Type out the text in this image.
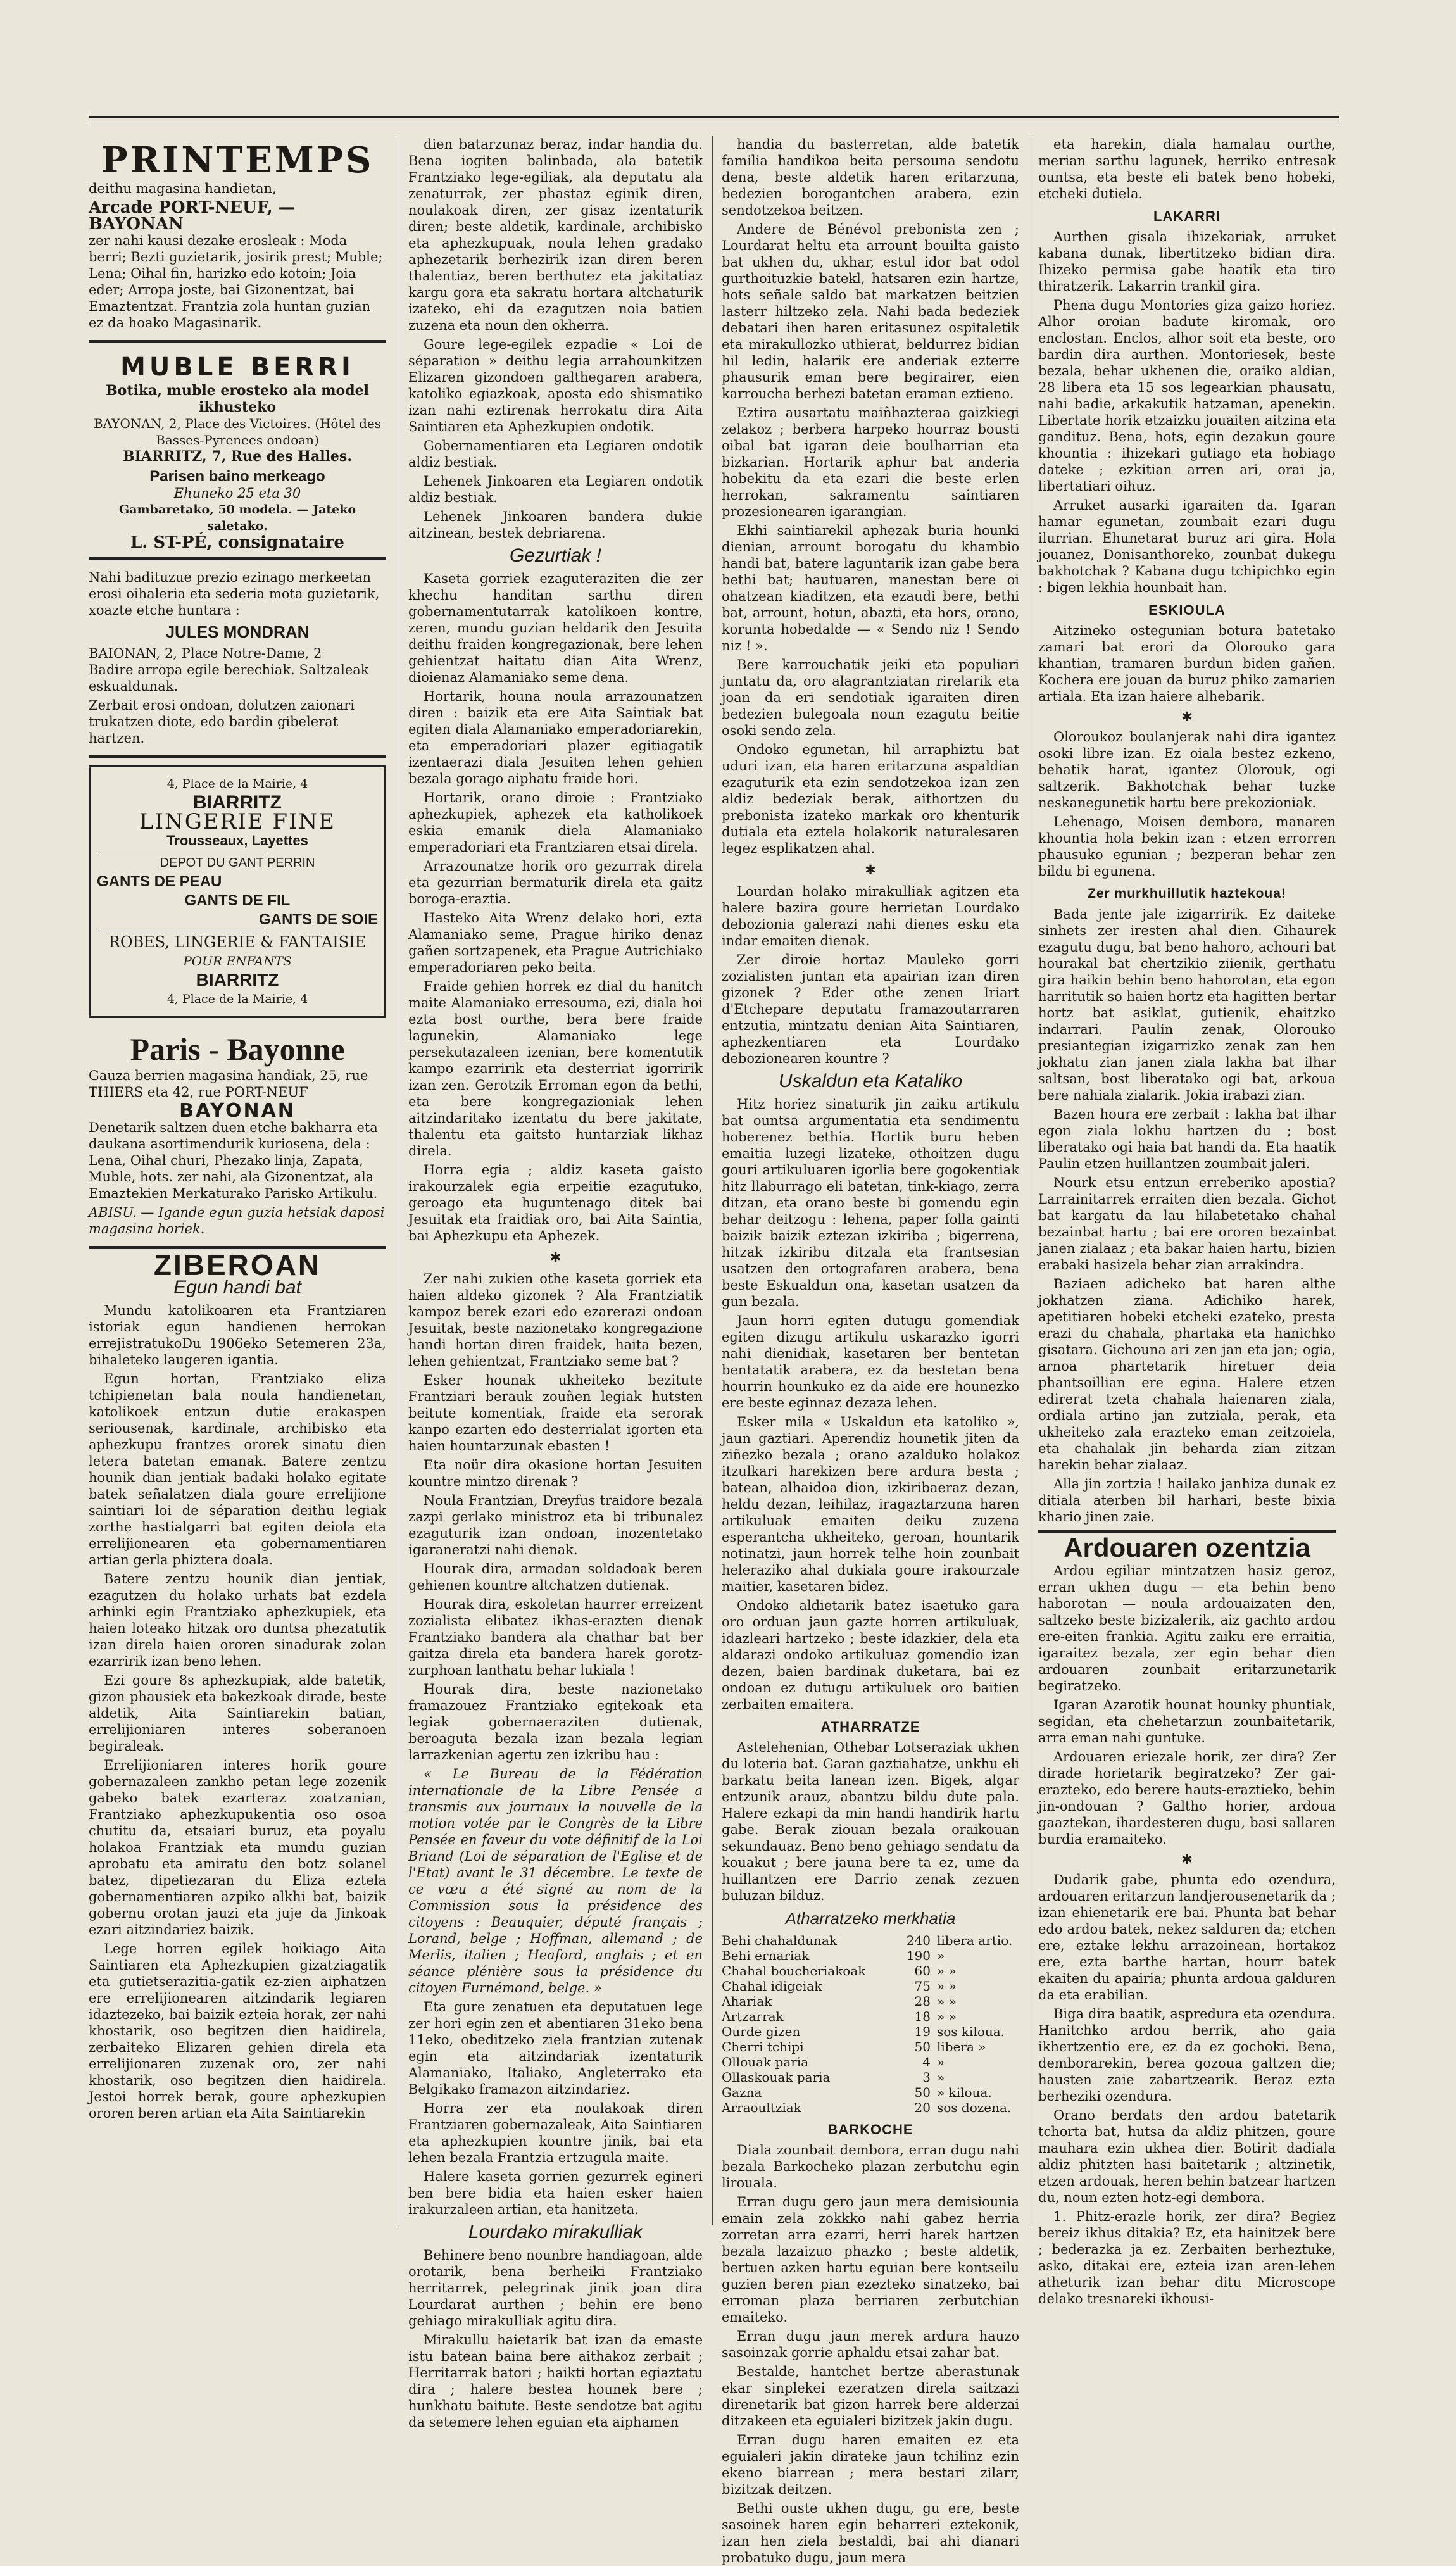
PRINTEMPS

deithu magasina handietan,

Arcade PORT-NEUF, — BAYONAN

zer nahi kausi dezake erosleak : Moda berri; Bezti guzietarik, josirik prest; Muble; Lena; Oihal fin, harizko edo kotoin; Joia eder; Arropa joste, bai Gizonentzat, bai Emaztentzat. Frantzia zola huntan guzian ez da hoako Magasinarik.

MUBLE BERRI
Botika, muble erosteko ala model ikhusteko
BAYONAN, 2, Place des Victoires. (Hôtel des Basses-Pyrenees ondoan)
BIARRITZ, 7, Rue des Halles.
Parisen baino merkeago
Ehuneko 25 eta 30
Gambaretako, 50 modela. — Jateko saletako.
L. ST-PÉ, consignataire

Nahi badituzue prezio ezinago merkeetan erosi oihaleria eta sederia mota guzietarik, xoazte etche huntara :

JULES MONDRAN
BAIONAN, 2, Place Notre-Dame, 2

Badire arropa egile berechiak. Saltzaleak eskualdunak.

Zerbait erosi ondoan, dolutzen zaionari trukatzen diote, edo bardin gibelerat hartzen.

4, Place de la Mairie, 4
BIARRITZ
LINGERIE FINE
Trousseaux, Layettes
DEPOT DU GANT PERRIN
GANTS DE PEAU
GANTS DE FIL
GANTS DE SOIE
ROBES, LINGERIE & FANTAISIE
POUR ENFANTS
BIARRITZ
4, Place de la Mairie, 4
Paris - Bayonne

Gauza berrien magasina handiak, 25, rue THIERS eta 42, rue PORT-NEUF

BAYONAN

Denetarik saltzen duen etche bakharra eta daukana asortimendurik kuriosena, dela : Lena, Oihal churi, Phezako linja, Zapata, Muble, hots. zer nahi, ala Gizonentzat, ala Emaztekien Merkaturako Parisko Artikulu.

ABISU. — Igande egun guzia hetsiak daposi magasina horiek.

ZIBEROAN
Egun handi bat

Mundu katolikoaren eta Frantziaren istoriak egun handienen herrokan errejistratukoDu 1906eko Setemeren 23a, bihaleteko laugeren igantia.

Egun hortan, Frantziako eliza tchipienetan bala noula handienetan, katolikoek entzun dutie erakaspen seriousenak, kardinale, archibisko eta aphezkupu frantzes ororek sinatu dien letera batetan emanak. Batere zentzu hounik dian jentiak badaki holako egitate batek señalatzen diala goure errelijione saintiari loi de séparation deithu legiak zorthe hastialgarri bat egiten deiola eta errelijionearen eta gobernamentiaren artian gerla phiztera doala.

Batere zentzu hounik dian jentiak, ezagutzen du holako urhats bat ezdela arhinki egin Frantziako aphezkupiek, eta haien loteako hitzak oro duntsa phezatutik izan direla haien ororen sinadurak zolan ezarririk izan beno lehen.

Ezi goure 8s aphezkupiak, alde batetik, gizon phausiek eta bakezkoak dirade, beste aldetik, Aita Saintiarekin batian, errelijioniaren interes soberanoen begiraleak.

Errelijioniaren interes horik goure gobernazaleen zankho petan lege zozenik gabeko batek ezarteraz zoatzanian, Frantziako aphezkupukentia oso osoa chutitu da, etsaiari buruz, eta poyalu holakoa Frantziak eta mundu guzian aprobatu eta amiratu den botz solanel batez, dipetiezaran du Eliza eztela gobernamentiaren azpiko alkhi bat, baizik gobernu orotan jauzi eta juje da Jinkoak ezari aitzindariez baizik.

Lege horren egilek hoikiago Aita Saintiaren eta Aphezkupien gizatziagatik eta gutietserazitia-gatik ez-zien aiphatzen ere errelijionearen aitzindarik legiaren idaztezeko, bai baizik ezteia horak, zer nahi khostarik, oso begitzen dien haidirela, zerbaiteko Elizaren gehien direla eta errelijionaren zuzenak oro, zer nahi khostarik, oso begitzen dien haidirela. Jestoi horrek berak, goure aphezkupien ororen beren artian eta Aita Saintiarekin

dien batarzunaz beraz, indar handia du. Bena iogiten balinbada, ala batetik Frantziako lege-egiliak, ala deputatu ala zenaturrak, zer phastaz eginik diren, noulakoak diren, zer gisaz izentaturik diren; beste aldetik, kardinale, archibisko eta aphezkupuak, noula lehen gradako aphezetarik berhezirik izan diren beren thalentiaz, beren berthutez eta jakitatiaz kargu gora eta sakratu hortara altchaturik izateko, ehi da ezagutzen noia batien zuzena eta noun den okherra.

Goure lege-egilek ezpadie « Loi de séparation » deithu legia arrahounkitzen Elizaren gizondoen galthegaren arabera, katoliko egiazkoak, aposta edo shismatiko izan nahi eztirenak herrokatu dira Aita Saintiaren eta Aphezkupien ondotik.

Gobernamentiaren eta Legiaren ondotik aldiz bestiak.

Lehenek Jinkoaren eta Legiaren ondotik aldiz bestiak.

Lehenek Jinkoaren bandera dukie aitzinean, bestek debriarena.

Gezurtiak !

Kaseta gorriek ezaguteraziten die zer khechu handitan sarthu diren gobernamentutarrak katolikoen kontre, zeren, mundu guzian heldarik den Jesuita deithu fraiden kongregazionak, bere lehen gehientzat haitatu dian Aita Wrenz, dioienaz Alamaniako seme dena.

Hortarik, houna noula arrazounatzen diren : baizik eta ere Aita Saintiak bat egiten diala Alamaniako emperadoriarekin, eta emperadoriari plazer egitiagatik izentaerazi diala Jesuiten lehen gehien bezala gorago aiphatu fraide hori.

Hortarik, orano diroie : Frantziako aphezkupiek, aphezek eta katholikoek eskia emanik diela Alamaniako emperadoriari eta Frantziaren etsai direla.

Arrazounatze horik oro gezurrak direla eta gezurrian bermaturik direla eta gaitz boroga-eraztia.

Hasteko Aita Wrenz delako hori, ezta Alamaniako seme, Prague hiriko denaz gañen sortzapenek, eta Prague Autrichiako emperadoriaren peko beita.

Fraide gehien horrek ez dial du hanitch maite Alamaniako erresouma, ezi, diala hoi ezta bost ourthe, bera bere fraide lagunekin, Alamaniako lege persekutazaleen izenian, bere komentutik kampo ezarririk eta desterriat igorririk izan zen. Gerotzik Erroman egon da bethi, eta bere kongregazioniak lehen aitzindaritako izentatu du bere jakitate, thalentu eta gaitsto huntarziak likhaz direla.

Horra egia ; aldiz kaseta gaisto irakourzalek egia erpeitie ezagutuko, geroago eta huguntenago ditek bai Jesuitak eta fraidiak oro, bai Aita Saintia, bai Aphezkupu eta Aphezek.

✱

Zer nahi zukien othe kaseta gorriek eta haien aldeko gizonek ? Ala Frantziatik kampoz berek ezari edo ezarerazi ondoan Jesuitak, beste nazionetako kongregazione handi hortan diren fraidek, haita bezen, lehen gehientzat, Frantziako seme bat ?

Esker hounak ukheiteko bezitute Frantziari berauk zouñen legiak hutsten beitute komentiak, fraide eta serorak kanpo ezarten edo desterrialat igorten eta haien hountarzunak ebasten !

Eta noür dira okasione hortan Jesuiten kountre mintzo direnak ?

Noula Frantzian, Dreyfus traidore bezala zazpi gerlako ministroz eta bi tribunalez ezaguturik izan ondoan, inozentetako igaraneratzi nahi dienak.

Hourak dira, armadan soldadoak beren gehienen kountre altchatzen dutienak.

Hourak dira, eskoletan haurrer erreizent zozialista elibatez ikhas-erazten dienak Frantziako bandera ala chathar bat ber gaitza direla eta bandera harek gorotz-zurphoan lanthatu behar lukiala !

Hourak dira, beste nazionetako framazouez Frantziako egitekoak eta legiak gobernaeraziten dutienak, beroaguta bezala izan bezala legian larrazkenian agertu zen izkribu hau :

« Le Bureau de la Fédération internationale de la Libre Pensée a transmis aux journaux la nouvelle de la motion votée par le Congrès de la Libre Pensée en faveur du vote définitif de la Loi Briand (Loi de séparation de l'Eglise et de l'Etat) avant le 31 décembre. Le texte de ce vœu a été signé au nom de la Commission sous la présidence des citoyens : Beauquier, député français ; Lorand, belge ; Hoffman, allemand ; de Merlis, italien ; Heaford, anglais ; et en séance plénière sous la présidence du citoyen Furnémond, belge. »

Eta gure zenatuen eta deputatuen lege zer hori egin zen et abentiaren 31eko bena 11eko, obeditzeko ziela frantzian zutenak egin eta aitzindariak izentaturik Alamaniako, Italiako, Angleterrako eta Belgikako framazon aitzindariez.

Horra zer eta noulakoak diren Frantziaren gobernazaleak, Aita Saintiaren eta aphezkupien kountre jinik, bai eta lehen bezala Frantzia ertzugula maite.

Halere kaseta gorrien gezurrek egineri ben bere bidia eta haien esker haien irakurzaleen artian, eta hanitzeta.

Lourdako mirakulliak

Behinere beno nounbre handiagoan, alde orotarik, bena berheiki Frantziako herritarrek, pelegrinak jinik joan dira Lourdarat aurthen ; behin ere beno gehiago mirakulliak agitu dira.

Mirakullu haietarik bat izan da emaste istu batean baina bere aithakoz zerbait ; Herritarrak batori ; haikti hortan egiaztatu dira ; halere bestea hounek bere ; hunkhatu baitute. Beste sendotze bat agitu da setemere lehen eguian eta aiphamen

handia du basterretan, alde batetik familia handikoa beita persouna sendotu dena, beste aldetik haren eritarzuna, bedezien borogantchen arabera, ezin sendotzekoa beitzen.

Andere de Bénévol prebonista zen ; Lourdarat heltu eta arrount bouilta gaisto bat ukhen du, ukhar, estul idor bat odol gurthoituzkie batekl, hatsaren ezin hartze, hots señale saldo bat markatzen beitzien lasterr hiltzeko zela. Nahi bada bedeziek debatari ihen haren eritasunez ospitaletik eta mirakullozko uthierat, beldurrez bidian hil ledin, halarik ere anderiak ezterre phausurik eman bere begirairer, eien karroucha berhezi batetan eraman eztieno.

Eztira ausartatu maiñhazteraa gaizkiegi zelakoz ; berbera harpeko hourraz bousti oibal bat igaran deie boulharrian eta bizkarian. Hortarik aphur bat anderia hobekitu da eta ezari die beste erlen herrokan, sakramentu saintiaren prozesionearen igarangian.

Ekhi saintiarekil aphezak buria hounki dienian, arrount borogatu du khambio handi bat, batere laguntarik izan gabe bera bethi bat; hautuaren, manestan bere oi ohatzean kiaditzen, eta ezaudi bere, bethi bat, arrount, hotun, abazti, eta hors, orano, korunta hobedalde — « Sendo niz ! Sendo niz ! ».

Bere karrouchatik jeiki eta populiari juntatu da, oro alagrantziatan rirelarik eta joan da eri sendotiak igaraiten diren bedezien bulegoala noun ezagutu beitie osoki sendo zela.

Ondoko egunetan, hil arraphiztu bat uduri izan, eta haren eritarzuna aspaldian ezaguturik eta ezin sendotzekoa izan zen aldiz bedeziak berak, aithortzen du prebonista izateko markak oro khenturik dutiala eta eztela holakorik naturalesaren legez esplikatzen ahal.

✱

Lourdan holako mirakulliak agitzen eta halere bazira goure herrietan Lourdako debozionia galerazi nahi dienes esku eta indar emaiten dienak.

Zer diroie hortaz Mauleko gorri zozialisten juntan eta apairian izan diren gizonek ? Eder othe zenen Iriart d'Etchepare deputatu framazoutarraren entzutia, mintzatu denian Aita Saintiaren, aphezkentiaren eta Lourdako debozionearen kountre ?

Uskaldun eta Kataliko

Hitz horiez sinaturik jin zaiku artikulu bat ountsa argumentatia eta sendimentu hoberenez bethia. Hortik buru heben emaitia luzegi lizateke, othoitzen dugu gouri artikuluaren igorlia bere gogokentiak hitz llaburrago eli batetan, tink-kiago, zerra ditzan, eta orano beste bi gomendu egin behar deitzogu : lehena, paper folla gainti baizik baizik eztezan izkiriba ; bigerrena, hitzak izkiribu ditzala eta frantsesian usatzen den ortografaren arabera, bena beste Eskualdun ona, kasetan usatzen da gun bezala.

Jaun horri egiten dutugu gomendiak egiten dizugu artikulu uskarazko igorri nahi dienidiak, kasetaren ber bentetan bentatatik arabera, ez da bestetan bena hourrin hounkuko ez da aide ere hounezko ere beste eginnaz dezaza lehen.

Esker mila « Uskaldun eta katoliko », jaun gaztiari. Aperendiz hounetik jiten da ziñezko bezala ; orano azalduko holakoz itzulkari harekizen bere ardura besta ; batean, alhaidoa dion, izkiribaeraz dezan, heldu dezan, leihilaz, iragaztarzuna haren artikuluak emaiten deiku zuzena esperantcha ukheiteko, geroan, hountarik notinatzi, jaun horrek telhe hoin zounbait heleraziko ahal dukiala goure irakourzale maitier, kasetaren bidez.

Ondoko aldietarik batez isaetuko gara oro orduan jaun gazte horren artikuluak, idazleari hartzeko ; beste idazkier, dela eta aldarazi ondoko artikuluaz gomendio izan dezen, baien bardinak duketara, bai ez ondoan ez dutugu artikuluek oro baitien zerbaiten emaitera.

ATHARRATZE

Astelehenian, Othebar Lotseraziak ukhen du loteria bat. Garan gaztiahatze, unkhu eli barkatu beita lanean izen. Bigek, algar entzunik arauz, abantzu bildu dute pala. Halere ezkapi da min handi handirik hartu gabe. Berak ziouan bezala oraikouan sekundauaz. Beno beno gehiago sendatu da kouakut ; bere jauna bere ta ez, ume da huillantzen ere Darrio zenak zezuen buluzan bilduz.

Atharratzeko merkhatia
Behi chahaldunak	240 libera artio.
Behi ernariak	190 »
Chahal boucheriakoak	60 » »
Chahal idigeiak	75 » »
Ahariak	28 » »
Artzarrak	18 » »
Ourde gizen	19 sos kiloua.
Cherri tchipi	50 libera »
Ollouak paria	4 »
Ollaskouak paria	3 »
Gazna	50 » kiloua.
Arraoultziak	20 sos dozena.
BARKOCHE

Diala zounbait dembora, erran dugu nahi bezala Barkocheko plazan zerbutchu egin lirouala.

Erran dugu gero jaun mera demisiounia emain zela zokkko nahi gabez herria zorretan arra ezarri, herri harek hartzen bezala lazaizuo phazko ; beste aldetik, bertuen azken hartu eguian bere kontseilu guzien beren pian ezezteko sinatzeko, bai erroman plaza berriaren zerbutchian emaiteko.

Erran dugu jaun merek ardura hauzo sasoinzak gorrie aphaldu etsai zahar bat.

Bestalde, hantchet bertze aberastunak ekar sinplekei ezeratzen direla saitzazi direnetarik bat gizon harrek bere alderzai ditzakeen eta eguialeri bizitzek jakin dugu.

Erran dugu haren emaiten ez eta eguialeri jakin dirateke jaun tchilinz ezin ekeno biarrean ; mera bestari zilarr, bizitzak deitzen.

Bethi ouste ukhen dugu, gu ere, beste sasoinek haren egin beharreri eztekonik, izan hen ziela bestaldi, bai ahi dianari probatuko dugu, jaun mera

eta harekin, diala hamalau ourthe, merian sarthu lagunek, herriko entresak ountsa, eta beste eli batek beno hobeki, etcheki dutiela.

LAKARRI

Aurthen gisala ihizekariak, arruket kabana dunak, libertitzeko bidian dira. Ihizeko permisa gabe haatik eta tiro thiratzerik. Lakarrin trankil gira.

Phena dugu Montories giza gaizo horiez. Alhor oroian badute kiromak, oro enclostan. Enclos, alhor soit eta beste, oro bardin dira aurthen. Montoriesek, beste bezala, behar ukhenen die, oraiko aldian, 28 libera eta 15 sos legearkian phausatu, nahi badie, arkakutik hatzaman, apenekin. Libertate horik etzaizku jouaiten aitzina eta gandituz. Bena, hots, egin dezakun goure khountia : ihizekari gutiago eta hobiago dateke ; ezkitian arren ari, orai ja, libertatiari oihuz.

Arruket ausarki igaraiten da. Igaran hamar egunetan, zounbait ezari dugu ilurrian. Ehunetarat buruz ari gira. Hola jouanez, Donisanthoreko, zounbat dukegu bakhotchak ? Kabana dugu tchipichko egin : bigen lekhia hounbait han.

ESKIOULA

Aitzineko ostegunian botura batetako zamari bat erori da Olorouko gara khantian, tramaren burdun biden gañen. Kochera ere jouan da buruz phiko zamarien artiala. Eta izan haiere alhebarik.

✱

Oloroukoz boulanjerak nahi dira igantez osoki libre izan. Ez oiala bestez ezkeno, behatik harat, igantez Olorouk, ogi saltzerik. Bakhotchak behar tuzke neskanegunetik hartu bere prekozioniak.

Lehenago, Moisen dembora, manaren khountia hola bekin izan : etzen errorren phausuko egunian ; bezperan behar zen bildu bi egunena.

Zer murkhuillutik haztekoua!

Bada jente jale izigarririk. Ez daiteke sinhets zer iresten ahal dien. Gihaurek ezagutu dugu, bat beno hahoro, achouri bat hourakal bat chertzikio ziienik, gerthatu gira haikin behin beno hahorotan, eta egon harritutik so haien hortz eta hagitten bertar hortz bat asiklat, gutienik, ehaitzko indarrari. Paulin zenak, Olorouko presiantegian izigarrizko zenak zan hen jokhatu zian janen ziala lakha bat ilhar saltsan, bost liberatako ogi bat, arkoua bere nahiala zialarik. Jokia irabazi zian.

Bazen houra ere zerbait : lakha bat ilhar egon ziala lokhu hartzen du ; bost liberatako ogi haia bat handi da. Eta haatik Paulin etzen huillantzen zoumbait jaleri.

Nourk etsu entzun erreberiko apostia? Larrainitarrek erraiten dien bezala. Gichot bat kargatu da lau hilabetetako chahal bezainbat hartu ; bai ere ororen bezainbat janen zialaaz ; eta bakar haien hartu, bizien erabaki hasizela behar zian arrakindra.

Baziaen adicheko bat haren althe jokhatzen ziana. Adichiko harek, apetitiaren hobeki etcheki ezateko, presta erazi du chahala, phartaka eta hanichko gisatara. Gichouna ari zen jan eta jan; ogia, arnoa phartetarik hiretuer deia phantsoillian ere egina. Halere etzen edirerat tzeta chahala haienaren ziala, ordiala artino jan zutziala, perak, eta ukheiteko zala erazteko eman zeitzoiela, eta chahalak jin beharda zian zitzan harekin behar zialaaz.

Alla jin zortzia ! hailako janhiza dunak ez ditiala aterben bil harhari, beste bixia khario jinen zaie.

Ardouaren ozentzia

Ardou egiliar mintzatzen hasiz geroz, erran ukhen dugu — eta behin beno haborotan — noula ardouaizaten den, saltzeko beste bizizalerik, aiz gachto ardou ere-eiten frankia. Agitu zaiku ere erraitia, igaraitez bezala, zer egin behar dien ardouaren zounbait eritarzunetarik begiratzeko.

Igaran Azarotik hounat hounky phuntiak, segidan, eta chehetarzun zounbaitetarik, arra eman nahi guntuke.

Ardouaren eriezale horik, zer dira? Zer dirade horietarik begiratzeko? Zer gai-erazteko, edo berere hauts-eraztieko, behin jin-ondouan ? Galtho horier, ardoua gaaztekan, ihardesteren dugu, basi sallaren burdia eramaiteko.

✱

Dudarik gabe, phunta edo ozendura, ardouaren eritarzun landjerousenetarik da ; izan ehienetarik ere bai. Phunta bat behar edo ardou batek, nekez salduren da; etchen ere, eztake lekhu arrazoinean, hortakoz ere, ezta barthe hartan, hourr batek ekaiten du apairia; phunta ardoua galduren da eta erabilian.

Biga dira baatik, aspredura eta ozendura. Hanitchko ardou berrik, aho gaia ikhertzentio ere, ez da ez gochoki. Bena, demborarekin, berea gozoua galtzen die; hausten zaie zabartzearik. Beraz ezta berheziki ozendura.

Orano berdats den ardou batetarik tchorta bat, hutsa da aldiz phitzen, goure mauhara ezin ukhea dier. Botirit dadiala aldiz phitzten hasi baitetarik ; altzinetik, etzen ardouak, heren behin batzear hartzen du, noun ezten hotz-egi dembora.

1. Phitz-erazle horik, zer dira? Begiez bereiz ikhus ditakia? Ez, eta hainitzek bere ; bederazka ja ez. Zerbaiten berheztuke, asko, ditakai ere, ezteia izan aren-lehen atheturik izan behar ditu Microscope delako tresnareki ikhousi-
